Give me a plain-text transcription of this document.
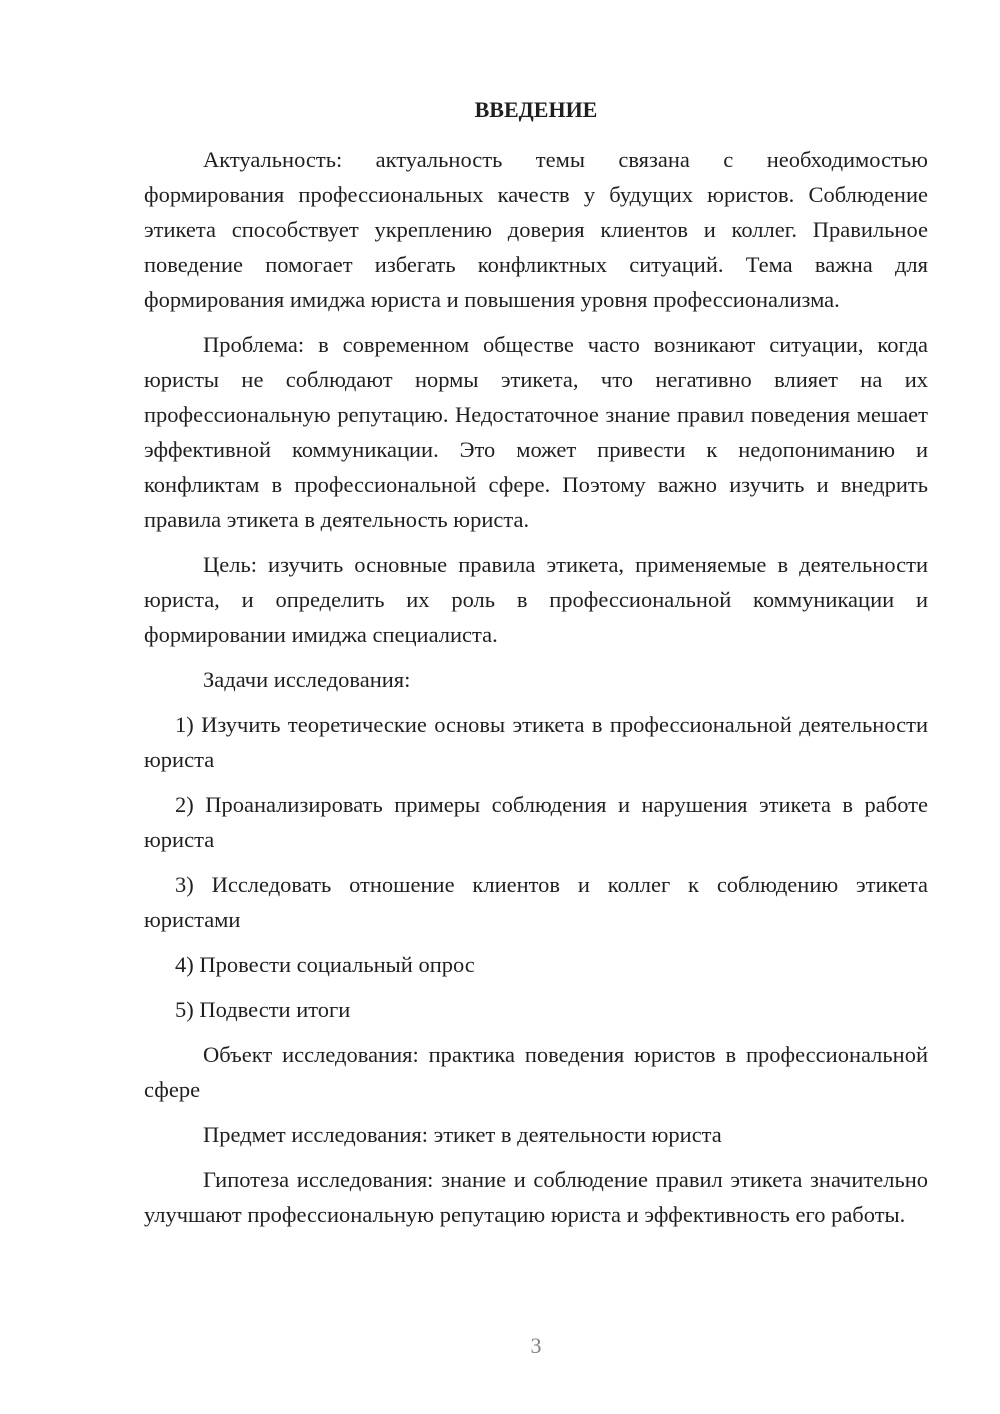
ВВЕДЕНИЕ

Актуальность: актуальность темы связана с необходимостью формирования профессиональных качеств у будущих юристов. Соблюдение этикета способствует укреплению доверия клиентов и коллег. Правильное поведение помогает избегать конфликтных ситуаций. Тема важна для формирования имиджа юриста и повышения уровня профессионализма.

Проблема: в современном обществе часто возникают ситуации, когда юристы не соблюдают нормы этикета, что негативно влияет на их профессиональную репутацию. Недостаточное знание правил поведения мешает эффективной коммуникации. Это может привести к недопониманию и конфликтам в профессиональной сфере. Поэтому важно изучить и внедрить правила этикета в деятельность юриста.

Цель: изучить основные правила этикета, применяемые в деятельности юриста, и определить их роль в профессиональной коммуникации и формировании имиджа специалиста.

Задачи исследования:

1) Изучить теоретические основы этикета в профессиональной деятельности юриста

2) Проанализировать примеры соблюдения и нарушения этикета в работе юриста

3) Исследовать отношение клиентов и коллег к соблюдению этикета юристами

4) Провести социальный опрос

5) Подвести итоги

Объект исследования: практика поведения юристов в профессиональной сфере

Предмет исследования: этикет в деятельности юриста

Гипотеза исследования: знание и соблюдение правил этикета значительно улучшают профессиональную репутацию юриста и эффективность его работы.

3
